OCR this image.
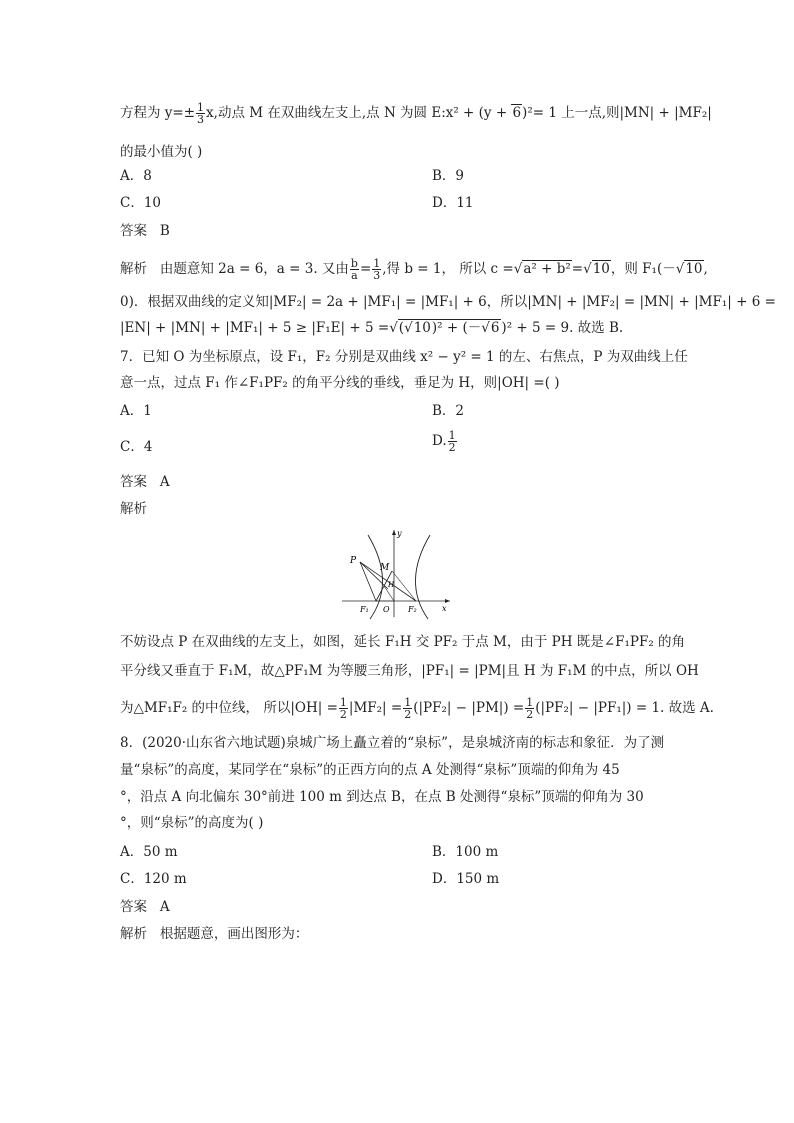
方程为 $y=\pm \frac{1}{3} x$,动点 M 在双曲线左支上,点 N 为圆 E:x² + (y + 6)²= 1 上一点,则|MN| + |MF₂|
的最小值为( )
A．8	B．9
C．10	D．11
答案 B
解析 由题意知 2a = 6，a = 3. 又由 $\frac{b}{a} = \frac{1}{3}$ ,得 b = 1， 所以 c =√a² + b²=√10，则 F₁(－√10,
0)．根据双曲线的定义知|MF₂| = 2a + |MF₁| = |MF₁| + 6，所以|MN| + |MF₂| = |MN| + |MF₁| + 6 =
|EN| + |MN| + |MF₁| + 5 ≥ |F₁E| + 5 =√(√10)² + (－√6 )² + 5 = 9. 故选 B.
7．已知 O 为坐标原点，设 F₁，F₂ 分别是双曲线 x² − y² = 1 的左、右焦点，P 为双曲线上任
意一点，过点 F₁ 作∠F₁PF₂ 的角平分线的垂线，垂足为 H，则|OH| =( )
A．1	B．2
C．4	D. $\frac{1}{2}$
答案 A
解析
P
M
H
F₁ O F₂	x
y
不妨设点 P 在双曲线的左支上，如图，延长 F₁H 交 PF₂ 于点 M，由于 PH 既是∠F₁PF₂ 的角
平分线又垂直于 F₁M，故△PF₁M 为等腰三角形，|PF₁| = |PM|且 H 为 F₁M 的中点，所以 OH
为△MF₁F₂ 的中位线， 所以$|OH| = \frac{1}{2} |MF_2| = \frac{1}{2} (|PF_2| - |PM|) = \frac{1}{2} (|PF_2| - |PF_1|) = 1$. 故选 A.
8．(2020·山东省六地试题)泉城广场上矗立着的“泉标”，是泉城济南的标志和象征．为了测
量“泉标”的高度，某同学在“泉标”的正西方向的点 A 处测得“泉标”顶端的仰角为 45
°，沿点 A 向北偏东 30°前进 100 m 到达点 B，在点 B 处测得“泉标”顶端的仰角为 30
°，则“泉标”的高度为( )
A．50 m	B．100 m
C．120 m	D．150 m
答案 A
解析 根据题意，画出图形为：
